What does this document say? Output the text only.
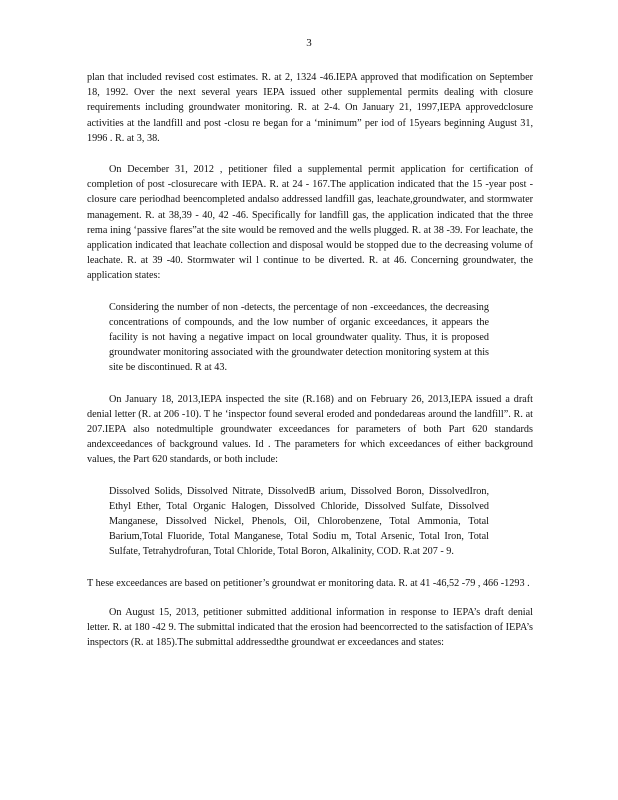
3

plan that included revised cost estimates. R. at 2, 1324 -46.IEPA approved that modification on September 18, 1992. Over the next several years IEPA issued other supplemental permits dealing with closure requirements including groundwater monitoring. R. at 2-4. On January 21, 1997,IEPA approvedclosure activities at the landfill and post -closu re began for a ‘minimum” per iod of 15years beginning August 31, 1996 . R. at 3, 38.

On December 31, 2012 , petitioner filed a supplemental permit application for certification of completion of post -closurecare with IEPA. R. at 24 - 167.The application indicated that the 15 -year post -closure care periodhad beencompleted andalso addressed landfill gas, leachate,groundwater, and stormwater management. R. at 38,39 - 40, 42 -46. Specifically for landfill gas, the application indicated that the three rema ining ‘passive flares”at the site would be removed and the wells plugged. R. at 38 -39. For leachate, the application indicated that leachate collection and disposal would be stopped due to the decreasing volume of leachate. R. at 39 -40. Stormwater wil l continue to be diverted. R. at 46. Concerning groundwater, the application states:

Considering the number of non -detects, the percentage of non -exceedances, the decreasing concentrations of compounds, and the low number of organic exceedances, it appears the facility is not having a negative impact on local groundwater quality. Thus, it is proposed groundwater monitoring associated with the groundwater detection monitoring system at this site be discontinued. R at 43.

On January 18, 2013,IEPA inspected the site (R.168) and on February 26, 2013,IEPA issued a draft denial letter (R. at 206 -10). T he ‘inspector found several eroded and pondedareas around the landfill”. R. at 207.IEPA also notedmultiple groundwater exceedances for parameters of both Part 620 standards andexceedances of background values. Id . The parameters for which exceedances of either background values, the Part 620 standards, or both include:

Dissolved Solids, Dissolved Nitrate, DissolvedB arium, Dissolved Boron, DissolvedIron, Ethyl Ether, Total Organic Halogen, Dissolved Chloride, Dissolved Sulfate, Dissolved Manganese, Dissolved Nickel, Phenols, Oil, Chlorobenzene, Total Ammonia, Total Barium,Total Fluoride, Total Manganese, Total Sodiu m, Total Arsenic, Total Iron, Total Sulfate, Tetrahydrofuran, Total Chloride, Total Boron, Alkalinity, COD. R.at 207 - 9.

T hese exceedances are based on petitioner’s groundwat er monitoring data. R. at 41 -46,52 -79 , 466 -1293 .

On August 15, 2013, petitioner submitted additional information in response to IEPA’s draft denial letter. R. at 180 -42 9. The submittal indicated that the erosion had beencorrected to the satisfaction of IEPA’s inspectors (R. at 185).The submittal addressedthe groundwat er exceedances and states:
